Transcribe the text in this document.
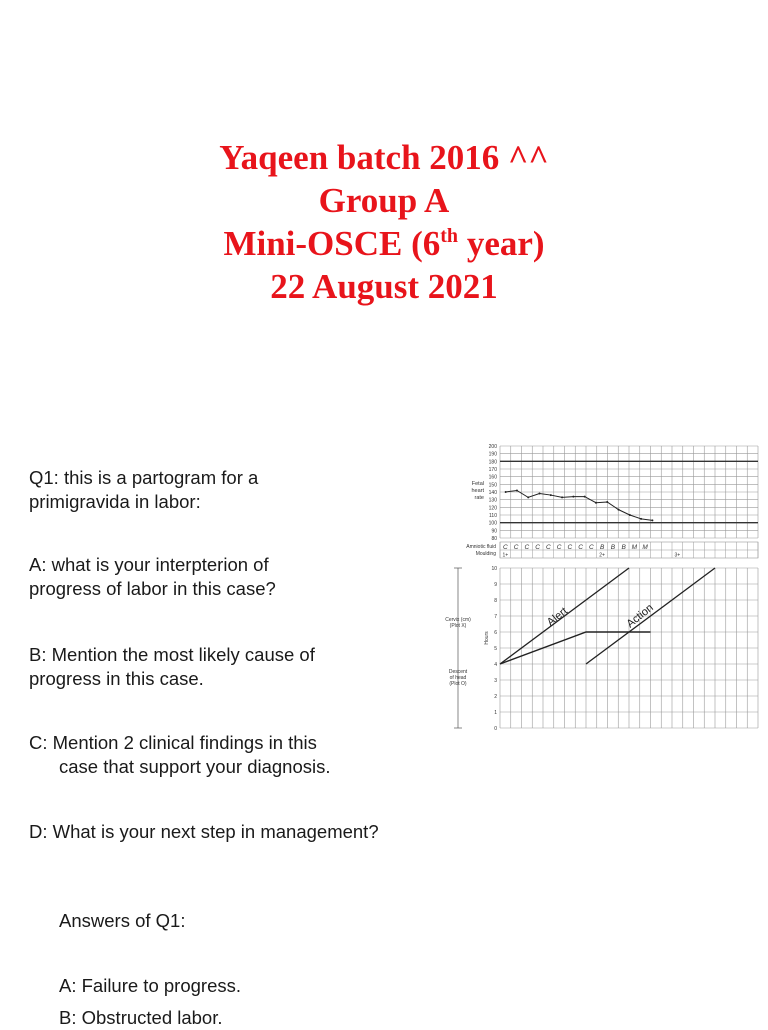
Yaqeen batch 2016 ^^
Group A
Mini-OSCE (6th year)
22 August 2021
Q1: this is a partogram for a
primigravida in labor:
A: what is your interpterion of
progress of labor in this case?
B: Mention the most likely cause of
progress in this case.
C: Mention 2 clinical findings in this
case that support your diagnosis.
D: What is your next step in management?
Answers of Q1:
A: Failure to progress.
B: Obstructed labor.
200
190
180
170
160
150
140
130
120
110
100
90
80
Fetal
heart
rate
Amniotic fluid
Moulding
C C C C C C C C C B B B M M
1+	2+	3+
10
9
8
7
6
5
4
3
2
1
0
Cervix (cm)
(Plot X)
Descent
of head
(Plot O)
Hours
Alert	Action
